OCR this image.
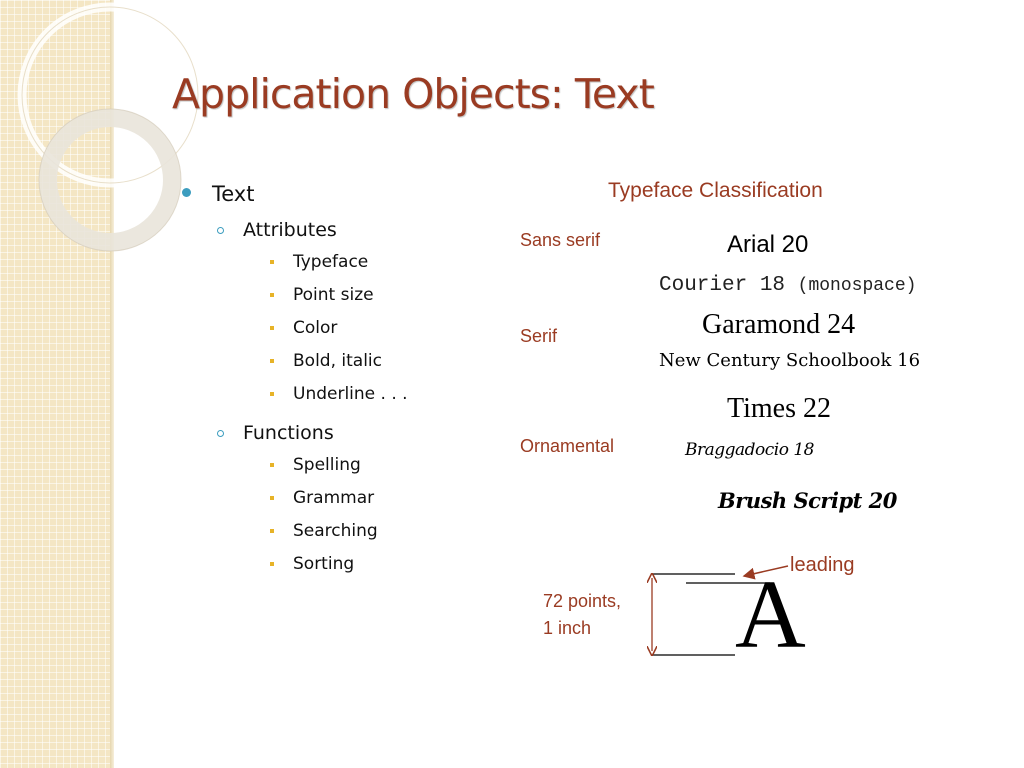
Application Objects: Text
Text
Attributes
Typeface
Point size
Color
Bold, italic
Underline . . .
Functions
Spelling
Grammar
Searching
Sorting
Typeface Classification
Sans serif
Serif
Ornamental
Arial 20
Courier 18 (monospace)
Garamond 24
New Century Schoolbook 16
Times 22
Braggadocio 18
Brush Script 20
leading
72 points,
1 inch A
